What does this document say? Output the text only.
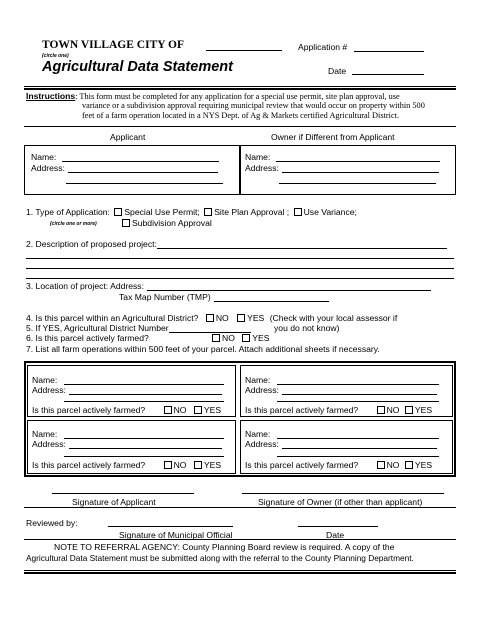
TOWN VILLAGE CITY OF
(circle one)
Application #
Agricultural Data Statement	Date
Instructions: This form must be completed for any application for a special use permit, site plan approval, use
variance or a subdivision approval requiring municipal review that would occur on property within 500
feet of a farm operation located in a NYS Dept. of Ag & Markets certified Agricultural District.
Applicant	Owner if Different from Applicant
Name:
Address:
Name:
Address:
1. Type of Application: Special Use Permit; Site Plan Approval ; Use Variance;
(circle one or more)	Subdivision Approval
2. Description of proposed project:
3. Location of project: Address:
Tax Map Number (TMP)
4. Is this parcel within an Agricultural District? NO YES (Check with your local assessor if
5. If YES, Agricultural District Number	you do not know)
6. Is this parcel actively farmed?	NO YES
7. List all farm operations within 500 feet of your parcel. Attach additional sheets if necessary.
Name:
Address:
Is this parcel actively farmed?	NO YES
Name:
Address:
Is this parcel actively farmed?	NO YES
Name:
Address:
Is this parcel actively farmed?	NO YES
Name:
Address:
Is this parcel actively farmed?	NO YES
Signature of Applicant	Signature of Owner (if other than applicant)
Reviewed by:
Signature of Municipal Official	Date
NOTE TO REFERRAL AGENCY: County Planning Board review is required. A copy of the
Agricultural Data Statement must be submitted along with the referral to the County Planning Department.
